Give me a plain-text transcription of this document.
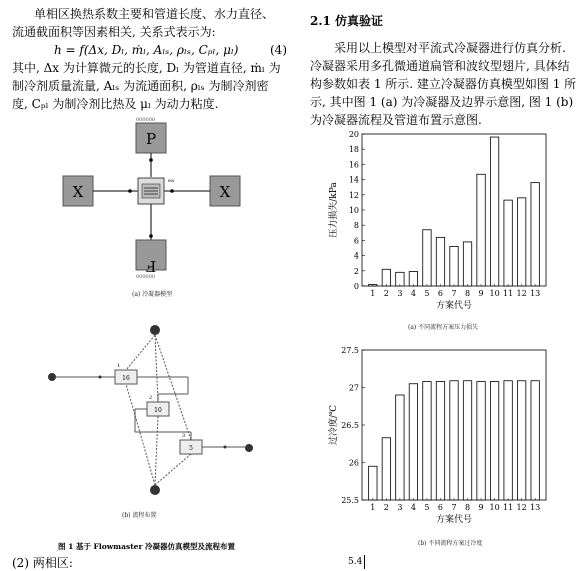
单相区换热系数主要和管道长度、水力直径、
流通截面积等因素相关, 关系式表示为:
h = f(Δx, Dₗ, ṁₗ, Aₗₛ, ρₗₛ, Cₚₗ, μₗ)	(4)
其中, Δx 为计算微元的长度, Dₗ 为管道直径, ṁₗ 为
制冷剂质量流量, Aₗₛ 为流通面积, ρₗₛ 为制冷剂密
度, Cₚₗ 为制冷剂比热及 μₗ 为动力粘度.
000000
P
X	X
ea
F
000000
(a) 冷凝器模型
16
1
10
2
5
3
(b) 流程布置
图 1 基于 Flowmaster 冷凝器仿真模型及流程布置
(2) 两相区:
2.1 仿真验证
采用以上模型对平流式冷凝器进行仿真分析.
冷凝器采用多孔微通道扁管和波纹型翅片, 具体结
构参数如表 1 所示. 建立冷凝器仿真模型如图 1 所
示, 其中图 1 (a) 为冷凝器及边界示意图, 图 1 (b)
为冷凝器流程及管道布置示意图.
0
2
4
6
8
10
12
14
16
18
20
1 2 3 4 5 6 7 8 9 10 11 12 13
方案代号
压力损失/kPa
(a) 不同流程方案压力损失
25.5
26
26.5
27
27.5
1 2 3 4 5 6 7 8 9 10 11 12 13
方案代号
过冷度/℃
(b) 不同流程方案过冷度
5.4
